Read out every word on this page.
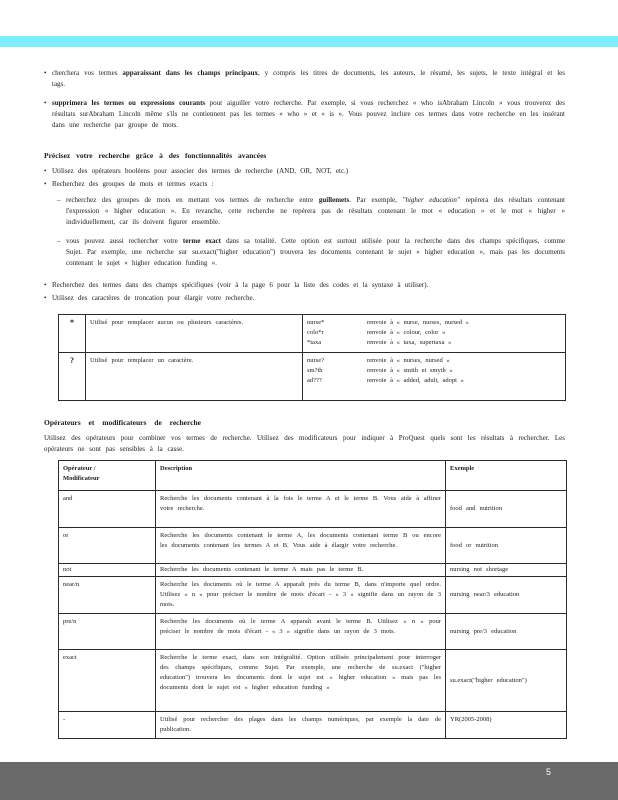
• cherchera vos termes apparaissant dans les champs principaux, y compris les titres de documents, les auteurs, le résumé, les sujets, le texte intégral et les tags.
• supprimera les termes ou expressions courants pour aiguiller votre recherche. Par exemple, si vous recherchez « who isAbraham Lincoln » vous trouverez des résultats surAbraham Lincoln même s'ils ne contiennent pas les termes « who » et « is ». Vous pouvez inclure ces termes dans votre recherche en les insérant dans une recherche par groupe de mots.
Précisez votre recherche grâce à des fonctionnalités avancées
• Utilisez des opérateurs booléens pour associer des termes de recherche (AND, OR, NOT, etc.)
• Recherchez des groupes de mots et termes exacts :
– recherchez des groupes de mots en mettant vos termes de recherche entre guillemets. Par exemple, "higher education" repérera des résultats contenant l'expression « higher education ». En revanche, cette recherche ne repérera pas de résultats contenant le mot « education » et le mot « higher » individuellement, car ils doivent figurer ensemble.
– vous pouvez aussi rechercher votre terme exact dans sa totalité. Cette option est surtout utilisée pour la recherche dans des champs spécifiques, comme Sujet. Par exemple, une recherche sur su.exact("higher education") trouvera les documents contenant le sujet « higher education », mais pas les documents contenant le sujet « higher education funding ».
• Recherchez des termes dans des champs spécifiques (voir à la page 6 pour la liste des codes et la syntaxe à utiliser).
• Utilisez des caractères de troncation pour élargir votre recherche.
*	Utilisé pour remplacer aucun ou plusieurs caractères.	nurse*	renvoie à « nurse, nurses, nursed »
colo*r	renvoie à « colour, color »
*taxa	renvoie à « taxa, supertaxa »

?	Utilisé pour remplacer un caractère.	nurse?	renvoie à « nurses, nursed »
sm?th	renvoie à « smith et smyth »
ad???	renvoie à « added, adult, adopt »
Opérateurs et modificateurs de recherche
Utilisez des opérateurs pour combiner vos termes de recherche. Utilisez des modificateurs pour indiquer à ProQuest quels sont les résultats à rechercher. Les opérateurs ne sont pas sensibles à la casse.
Opérateur /
Modificateur	Description	Exemple
and	Recherche les documents contenant à la fois le terme A et le terme B. Vous aide à affiner votre recherche.	food and nutrition
or	Recherche les documents contenant le terme A, les documents contenant terme B ou encore les documents contenant les termes A et B. Vous aide à élargir votre recherche.	food or nutrition
not	Recherche les documents contenant le terme A mais pas le terme B.	nursing not shortage
near/n	Recherche les documents où le terme A apparaît près du terme B, dans n'importe quel ordre. Utilisez « n » pour préciser le nombre de mots d'écart - « 3 » signifie dans un rayon de 3 mots.	nursing near/3 education
pre/n	Recherche les documents où le terme A apparaît avant le terme B. Utilisez « n » pour préciser le nombre de mots d'écart - « 3 » signifie dans un rayon de 3 mots.	nursing pre/3 education
exact	Recherche le terme exact, dans son intégralité. Option utilisée principalement pour interroger des champs spécifiques, comme Sujet. Par exemple, une recherche de su.exact ("higher education") trouvera les documents dont le sujet est « higher education » mais pas les documents dont le sujet est « higher education funding »	su.exact("higher education")
-	Utilisé pour rechercher des plages dans les champs numériques, par exemple la date de publication.	YR(2005-2008)
5
